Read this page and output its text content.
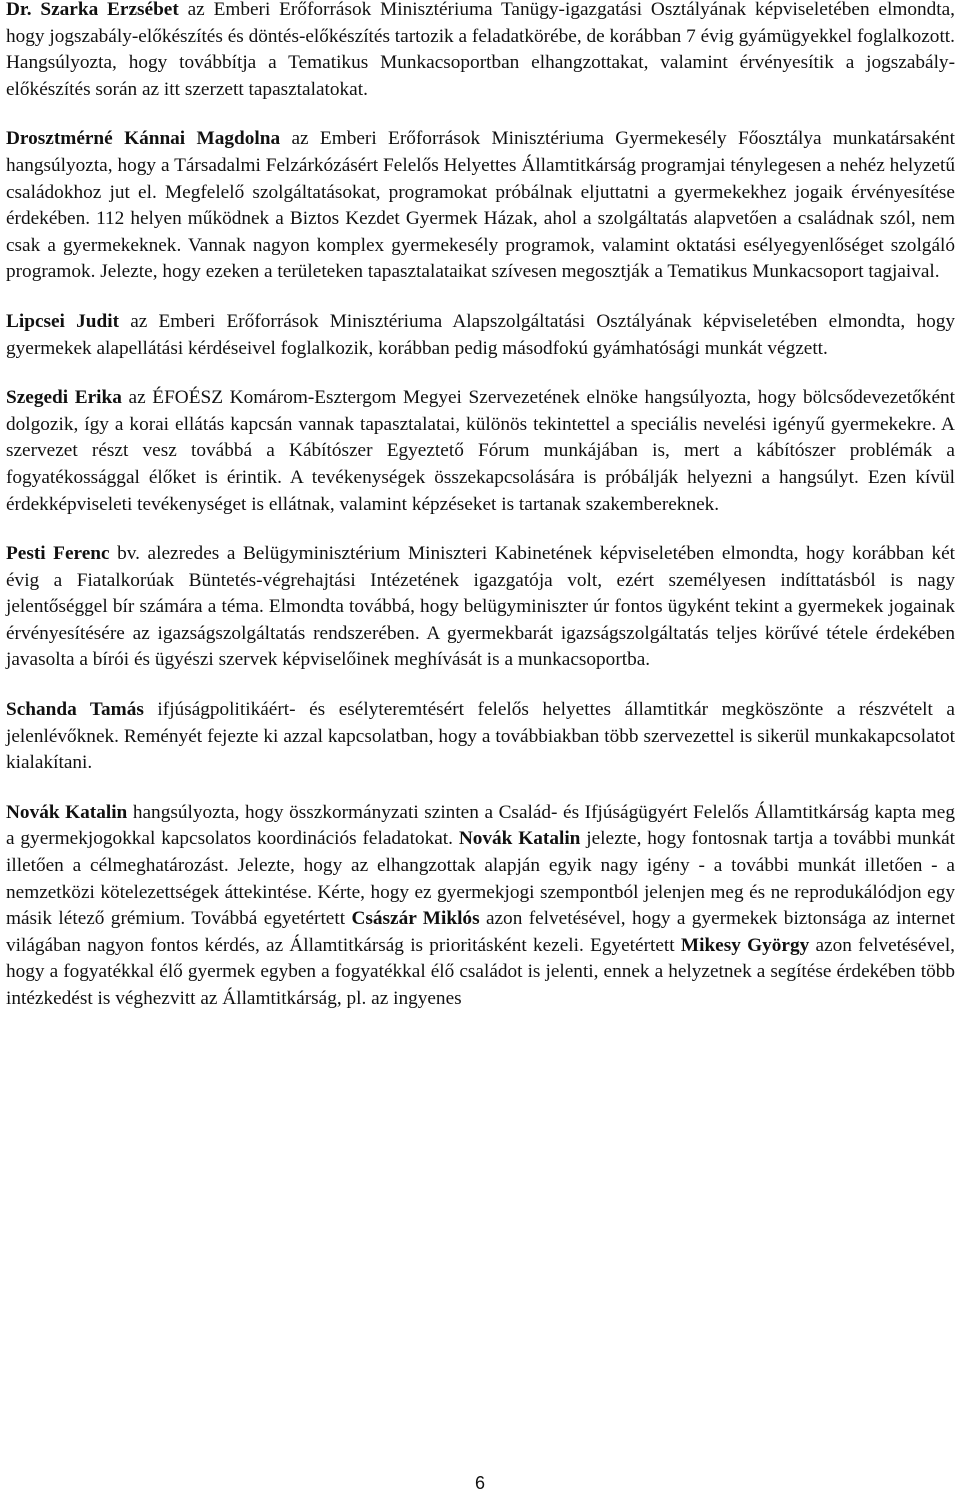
Dr. Szarka Erzsébet az Emberi Erőforrások Minisztériuma Tanügy-igazgatási Osztályának képviseletében elmondta, hogy jogszabály-előkészítés és döntés-előkészítés tartozik a feladatkörébe, de korábban 7 évig gyámügyekkel foglalkozott. Hangsúlyozta, hogy továbbítja a Tematikus Munkacsoportban elhangzottakat, valamint érvényesítik a jogszabály-előkészítés során az itt szerzett tapasztalatokat.

Drosztmérné Kánnai Magdolna az Emberi Erőforrások Minisztériuma Gyermekesély Főosztálya munkatársaként hangsúlyozta, hogy a Társadalmi Felzárkózásért Felelős Helyettes Államtitkárság programjai ténylegesen a nehéz helyzetű családokhoz jut el. Megfelelő szolgáltatásokat, programokat próbálnak eljuttatni a gyermekekhez jogaik érvényesítése érdekében. 112 helyen működnek a Biztos Kezdet Gyermek Házak, ahol a szolgáltatás alapvetően a családnak szól, nem csak a gyermekeknek. Vannak nagyon komplex gyermekesély programok, valamint oktatási esélyegyenlőséget szolgáló programok. Jelezte, hogy ezeken a területeken tapasztalataikat szívesen megosztják a Tematikus Munkacsoport tagjaival.

Lipcsei Judit az Emberi Erőforrások Minisztériuma Alapszolgáltatási Osztályának képviseletében elmondta, hogy gyermekek alapellátási kérdéseivel foglalkozik, korábban pedig másodfokú gyámhatósági munkát végzett.

Szegedi Erika az ÉFOÉSZ Komárom-Esztergom Megyei Szervezetének elnöke hangsúlyozta, hogy bölcsődevezetőként dolgozik, így a korai ellátás kapcsán vannak tapasztalatai, különös tekintettel a speciális nevelési igényű gyermekekre. A szervezet részt vesz továbbá a Kábítószer Egyeztető Fórum munkájában is, mert a kábítószer problémák a fogyatékossággal élőket is érintik. A tevékenységek összekapcsolására is próbálják helyezni a hangsúlyt. Ezen kívül érdekképviseleti tevékenységet is ellátnak, valamint képzéseket is tartanak szakembereknek.

Pesti Ferenc bv. alezredes a Belügyminisztérium Miniszteri Kabinetének képviseletében elmondta, hogy korábban két évig a Fiatalkorúak Büntetés-végrehajtási Intézetének igazgatója volt, ezért személyesen indíttatásból is nagy jelentőséggel bír számára a téma. Elmondta továbbá, hogy belügyminiszter úr fontos ügyként tekint a gyermekek jogainak érvényesítésére az igazságszolgáltatás rendszerében. A gyermekbarát igazságszolgáltatás teljes körűvé tétele érdekében javasolta a bírói és ügyészi szervek képviselőinek meghívását is a munkacsoportba.

Schanda Tamás ifjúságpolitikáért- és esélyteremtésért felelős helyettes államtitkár megköszönte a részvételt a jelenlévőknek. Reményét fejezte ki azzal kapcsolatban, hogy a továbbiakban több szervezettel is sikerül munkakapcsolatot kialakítani.

Novák Katalin hangsúlyozta, hogy összkormányzati szinten a Család- és Ifjúságügyért Felelős Államtitkárság kapta meg a gyermekjogokkal kapcsolatos koordinációs feladatokat. Novák Katalin jelezte, hogy fontosnak tartja a további munkát illetően a célmeghatározást. Jelezte, hogy az elhangzottak alapján egyik nagy igény - a további munkát illetően - a nemzetközi kötelezettségek áttekintése. Kérte, hogy ez gyermekjogi szempontból jelenjen meg és ne reprodukálódjon egy másik létező grémium. Továbbá egyetértett Császár Miklós azon felvetésével, hogy a gyermekek biztonsága az internet világában nagyon fontos kérdés, az Államtitkárság is prioritásként kezeli. Egyetértett Mikesy György azon felvetésével, hogy a fogyatékkal élő gyermek egyben a fogyatékkal élő családot is jelenti, ennek a helyzetnek a segítése érdekében több intézkedést is véghezvitt az Államtitkárság, pl. az ingyenes

6
